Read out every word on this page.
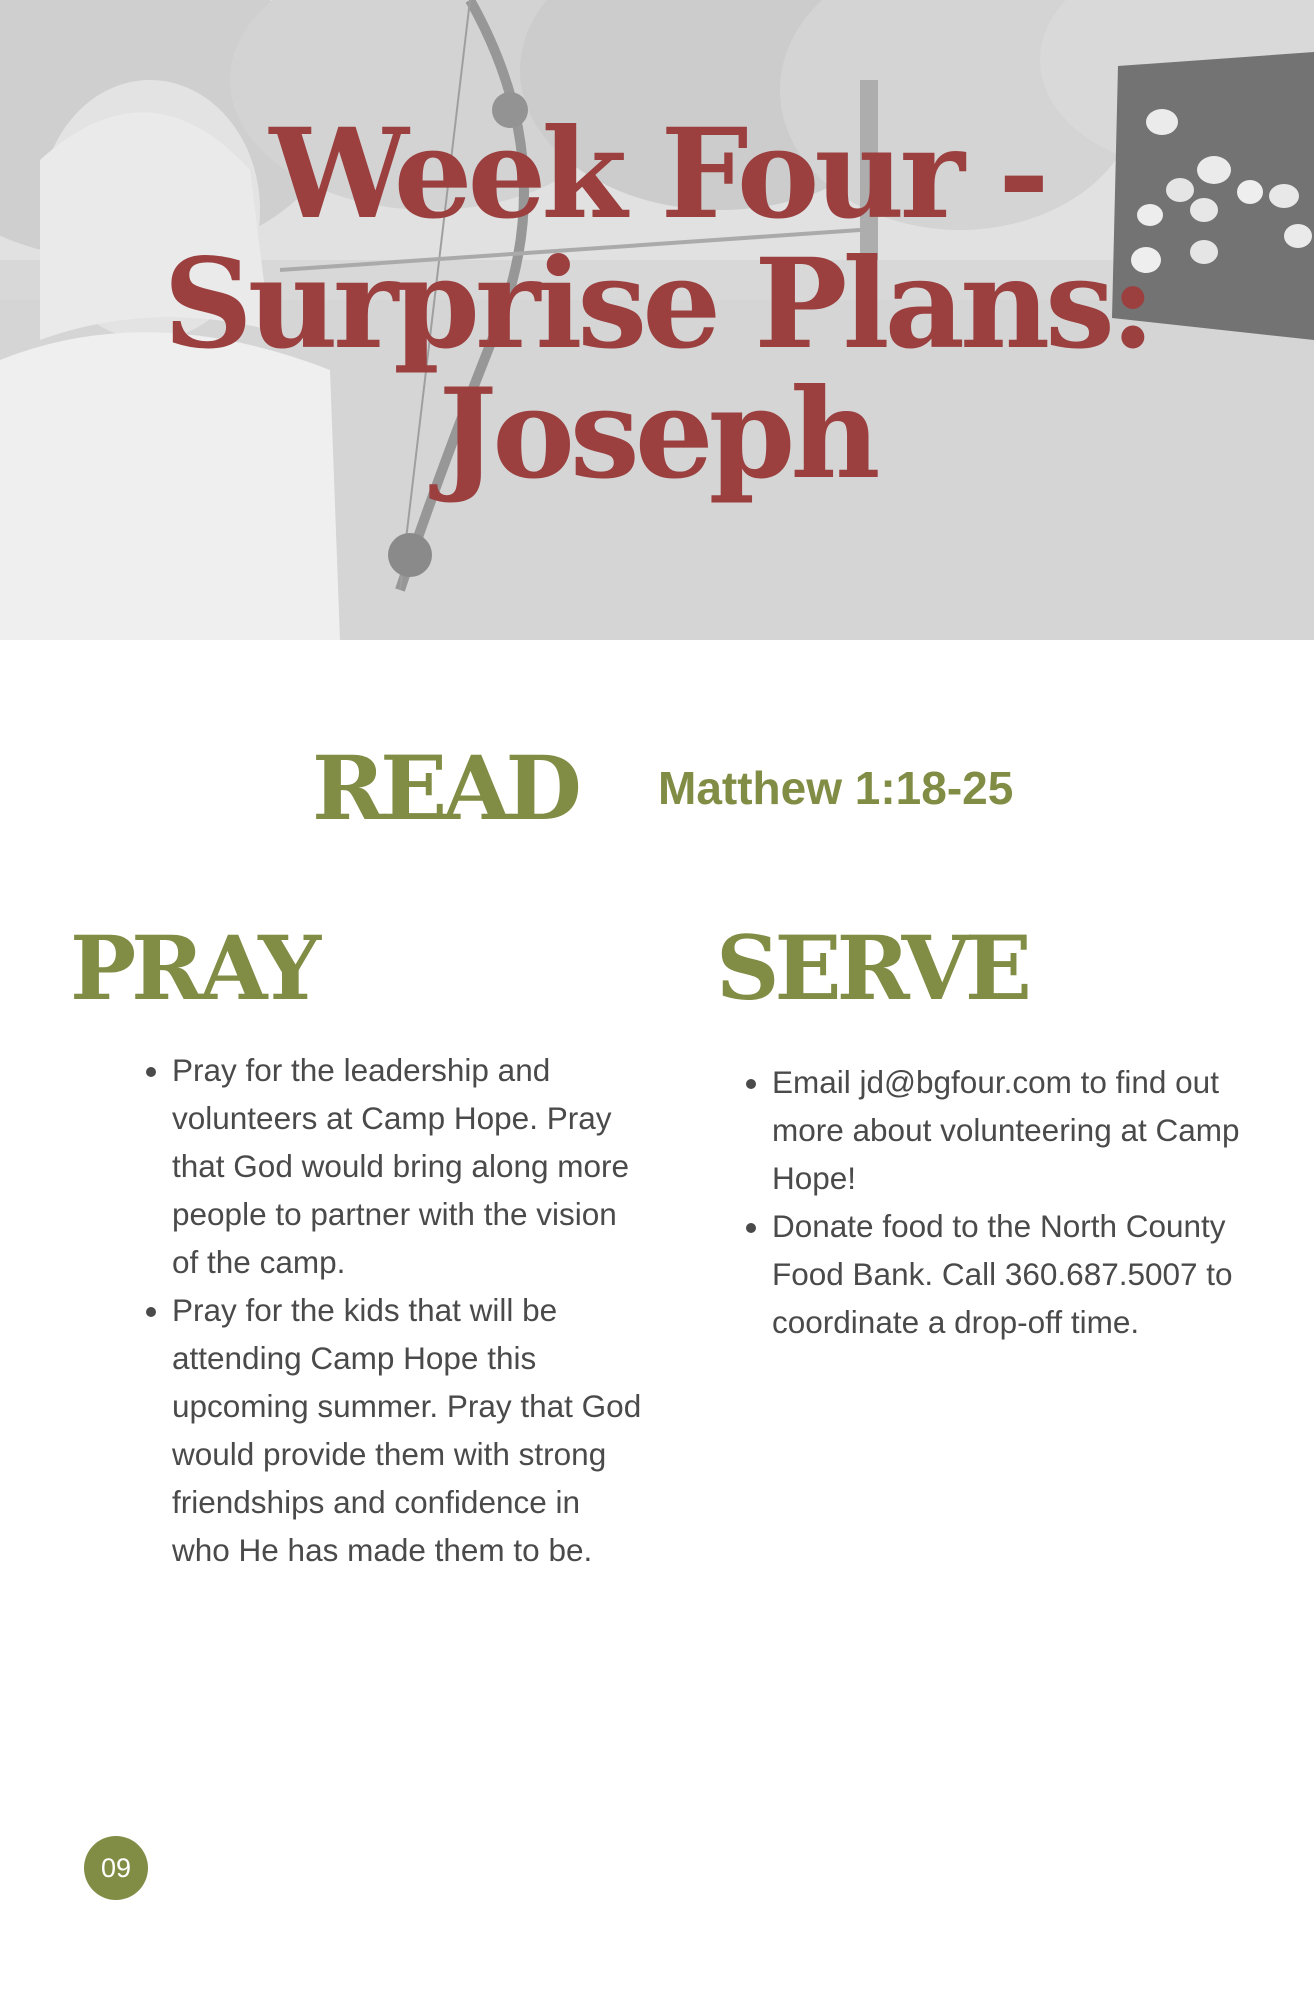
Week Four -
Surprise Plans:
Joseph
READ Matthew 1:18-25
PRAY
• Pray for the leadership and volunteers at Camp Hope. Pray that God would bring along more people to partner with the vision of the camp.
• Pray for the kids that will be attending Camp Hope this upcoming summer. Pray that God would provide them with strong friendships and confidence in who He has made them to be.
SERVE
• Email jd@bgfour.com to find out more about volunteering at Camp Hope!
• Donate food to the North County Food Bank. Call 360.687.5007 to coordinate a drop-off time.
09
